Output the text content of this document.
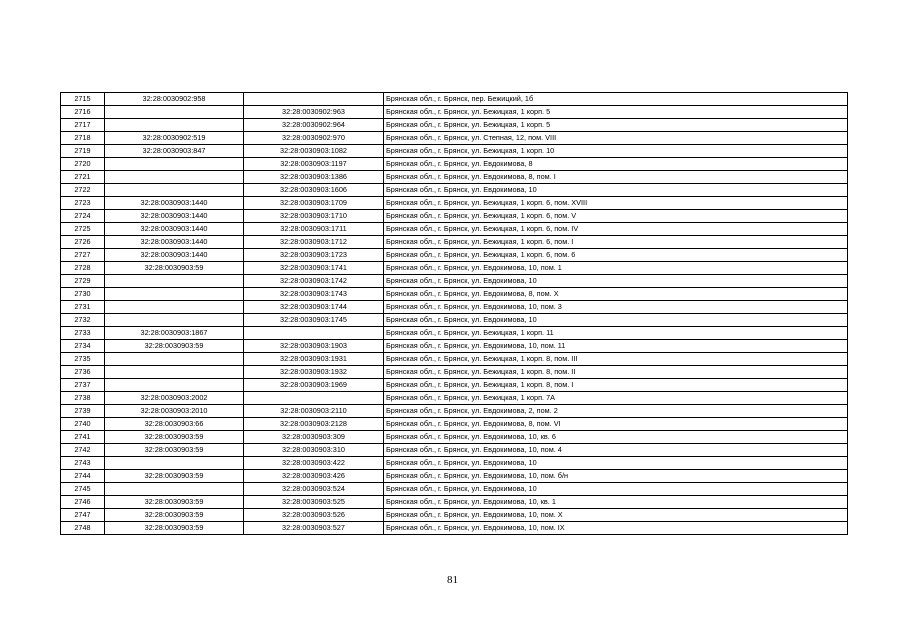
2715	32:28:0030902:958		Брянская обл., г. Брянск, пер. Бежицкий, 1б
2716		32:28:0030902:963	Брянская обл., г. Брянск, ул. Бежицкая, 1 корп. 5
2717		32:28:0030902:964	Брянская обл., г. Брянск, ул. Бежицкая, 1 корп. 5
2718	32:28:0030902:519	32:28:0030902:970	Брянская обл., г. Брянск, ул. Степная, 12, пом. VIII
2719	32:28:0030903:847	32:28:0030903:1082	Брянская обл., г. Брянск, ул. Бежицкая, 1 корп. 10
2720		32:28:0030903:1197	Брянская обл., г. Брянск, ул. Евдокимова, 8
2721		32:28:0030903:1386	Брянская обл., г. Брянск, ул. Евдокимова, 8, пом. I
2722		32:28:0030903:1606	Брянская обл., г. Брянск, ул. Евдокимова, 10
2723	32:28:0030903:1440	32:28:0030903:1709	Брянская обл., г. Брянск, ул. Бежицкая, 1 корп. 6, пом. XVIII
2724	32:28:0030903:1440	32:28:0030903:1710	Брянская обл., г. Брянск, ул. Бежицкая, 1 корп. 6, пом. V
2725	32:28:0030903:1440	32:28:0030903:1711	Брянская обл., г. Брянск, ул. Бежицкая, 1 корп. 6, пом. IV
2726	32:28:0030903:1440	32:28:0030903:1712	Брянская обл., г. Брянск, ул. Бежицкая, 1 корп. 6, пом. I
2727	32:28:0030903:1440	32:28:0030903:1723	Брянская обл., г. Брянск, ул. Бежицкая, 1 корп. 6, пом. 6
2728	32:28:0030903:59	32:28:0030903:1741	Брянская обл., г. Брянск, ул. Евдокимова, 10, пом. 1
2729		32:28:0030903:1742	Брянская обл., г. Брянск, ул. Евдокимова, 10
2730		32:28:0030903:1743	Брянская обл., г. Брянск, ул. Евдокимова, 8, пом. X
2731		32:28:0030903:1744	Брянская обл., г. Брянск, ул. Евдокимова, 10, пом. 3
2732		32:28:0030903:1745	Брянская обл., г. Брянск, ул. Евдокимова, 10
2733	32:28:0030903:1867		Брянская обл., г. Брянск, ул. Бежицкая, 1 корп. 11
2734	32:28:0030903:59	32:28:0030903:1903	Брянская обл., г. Брянск, ул. Евдокимова, 10, пом. 11
2735		32:28:0030903:1931	Брянская обл., г. Брянск, ул. Бежицкая, 1 корп. 8, пом. III
2736		32:28:0030903:1932	Брянская обл., г. Брянск, ул. Бежицкая, 1 корп. 8, пом. II
2737		32:28:0030903:1969	Брянская обл., г. Брянск, ул. Бежицкая, 1 корп. 8, пом. I
2738	32:28:0030903:2002		Брянская обл., г. Брянск, ул. Бежицкая, 1 корп. 7А
2739	32:28:0030903:2010	32:28:0030903:2110	Брянская обл., г. Брянск, ул. Евдокимова, 2, пом. 2
2740	32:28:0030903:66	32:28:0030903:2128	Брянская обл., г. Брянск, ул. Евдокимова, 8, пом. VI
2741	32:28:0030903:59	32:28:0030903:309	Брянская обл., г. Брянск, ул. Евдокимова, 10, кв. 6
2742	32:28:0030903:59	32:28:0030903:310	Брянская обл., г. Брянск, ул. Евдокимова, 10, пом. 4
2743		32:28:0030903:422	Брянская обл., г. Брянск, ул. Евдокимова, 10
2744	32:28:0030903:59	32:28:0030903:426	Брянская обл., г. Брянск, ул. Евдокимова, 10, пом. б/н
2745		32:28:0030903:524	Брянская обл., г. Брянск, ул. Евдокимова, 10
2746	32:28:0030903:59	32:28:0030903:525	Брянская обл., г. Брянск, ул. Евдокимова, 10, кв. 1
2747	32:28:0030903:59	32:28:0030903:526	Брянская обл., г. Брянск, ул. Евдокимова, 10, пом. X
2748	32:28:0030903:59	32:28:0030903:527	Брянская обл., г. Брянск, ул. Евдокимова, 10, пом. IX
81
